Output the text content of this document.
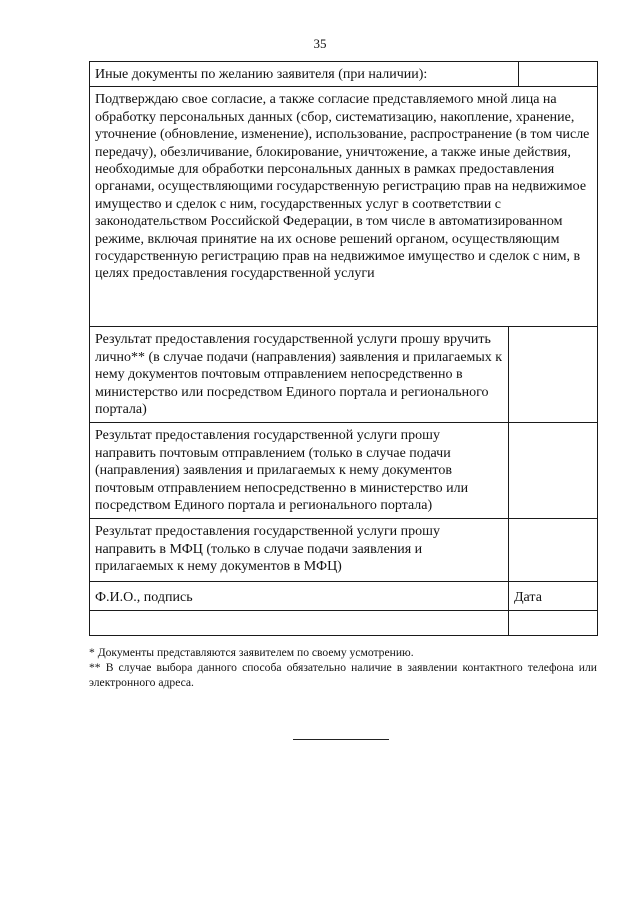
35
Иные документы по желанию заявителя (при наличии):		
Подтверждаю свое согласие, а также согласие представляемого мной лица на обработку персональных данных (сбор, систематизацию, накопление, хранение, уточнение (обновление, изменение), использование, распространение (в том числе передачу), обезличивание, блокирование, уничтожение, а также иные действия, необходимые для обработки персональных данных в рамках предоставления органами, осуществляющими государственную регистрацию прав на недвижимое имущество и сделок с ним, государственных услуг в соответствии с законодательством Российской Федерации, в том числе в автоматизированном режиме, включая принятие на их основе решений органом, осуществляющим государственную регистрацию прав на недвижимое имущество и сделок с ним, в целях предоставления государственной услуги		
Результат предоставления государственной услуги прошу вручить лично** (в случае подачи (направления) заявления и прилагаемых к нему документов почтовым отправлением непосредственно в министерство или посредством Единого портала и регионального портала)		
Результат предоставления государственной услуги прошу направить почтовым отправлением (только в случае подачи (направления) заявления и прилагаемых к нему документов почтовым отправлением непосредственно в министерство или посредством Единого портала и регионального портала)		
Результат предоставления государственной услуги прошу направить в МФЦ (только в случае подачи заявления и прилагаемых к нему документов в МФЦ)		
Ф.И.О., подпись	Дата	

* Документы представляются заявителем по своему усмотрению.

** В случае выбора данного способа обязательно наличие в заявлении контактного телефона или электронного адреса.
